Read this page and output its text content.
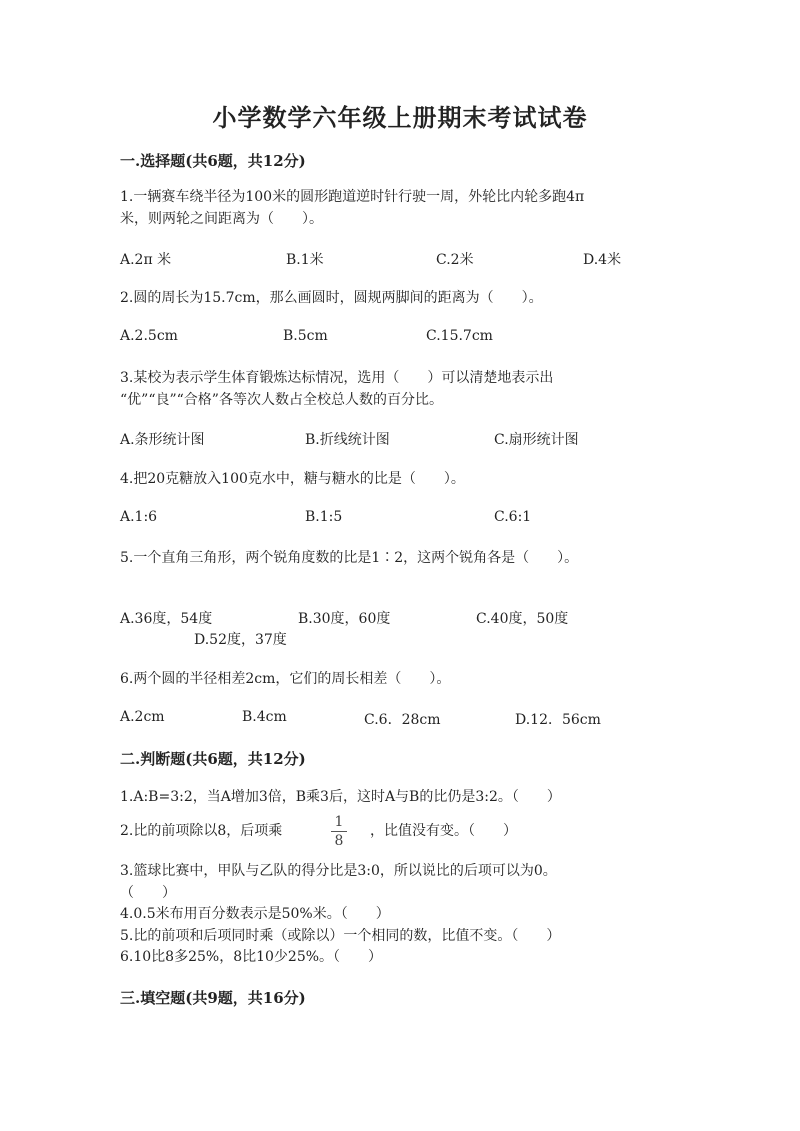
小学数学六年级上册期末考试试卷
一.选择题(共6题，共12分)
1.一辆赛车绕半径为100米的圆形跑道逆时针行驶一周，外轮比内轮多跑4π
米，则两轮之间距离为（　　）。
A.2π 米	B.1米	C.2米	D.4米
2.圆的周长为15.7cm，那么画圆时，圆规两脚间的距离为（　　）。
A.2.5cm	B.5cm	C.15.7cm
3.某校为表示学生体育锻炼达标情况，选用（　　）可以清楚地表示出
“优”“良”“合格”各等次人数占全校总人数的百分比。
A.条形统计图	B.折线统计图	C.扇形统计图
4.把20克糖放入100克水中，糖与糖水的比是（　　）。
A.1:6	B.1:5	C.6:1
5.一个直角三角形，两个锐角度数的比是1∶2，这两个锐角各是（　　）。
A.36度，54度	B.30度，60度	C.40度，50度
D.52度，37度
6.两个圆的半径相差2cm，它们的周长相差（　　）。
A.2cm	B.4cm	C.6．28cm	D.12．56cm
二.判断题(共6题，共12分)
1.A:B=3:2，当A增加3倍，B乘3后，这时A与B的比仍是3:2。（　　）
2.比的前项除以8，后项乘
1
8
，比值没有变。（　　）
3.篮球比赛中，甲队与乙队的得分比是3:0，所以说比的后项可以为0。
（　　）
4.0.5米布用百分数表示是50%米。（　　）
5.比的前项和后项同时乘（或除以）一个相同的数，比值不变。（　　）
6.10比8多25%，8比10少25%。（　　）
三.填空题(共9题，共16分)
